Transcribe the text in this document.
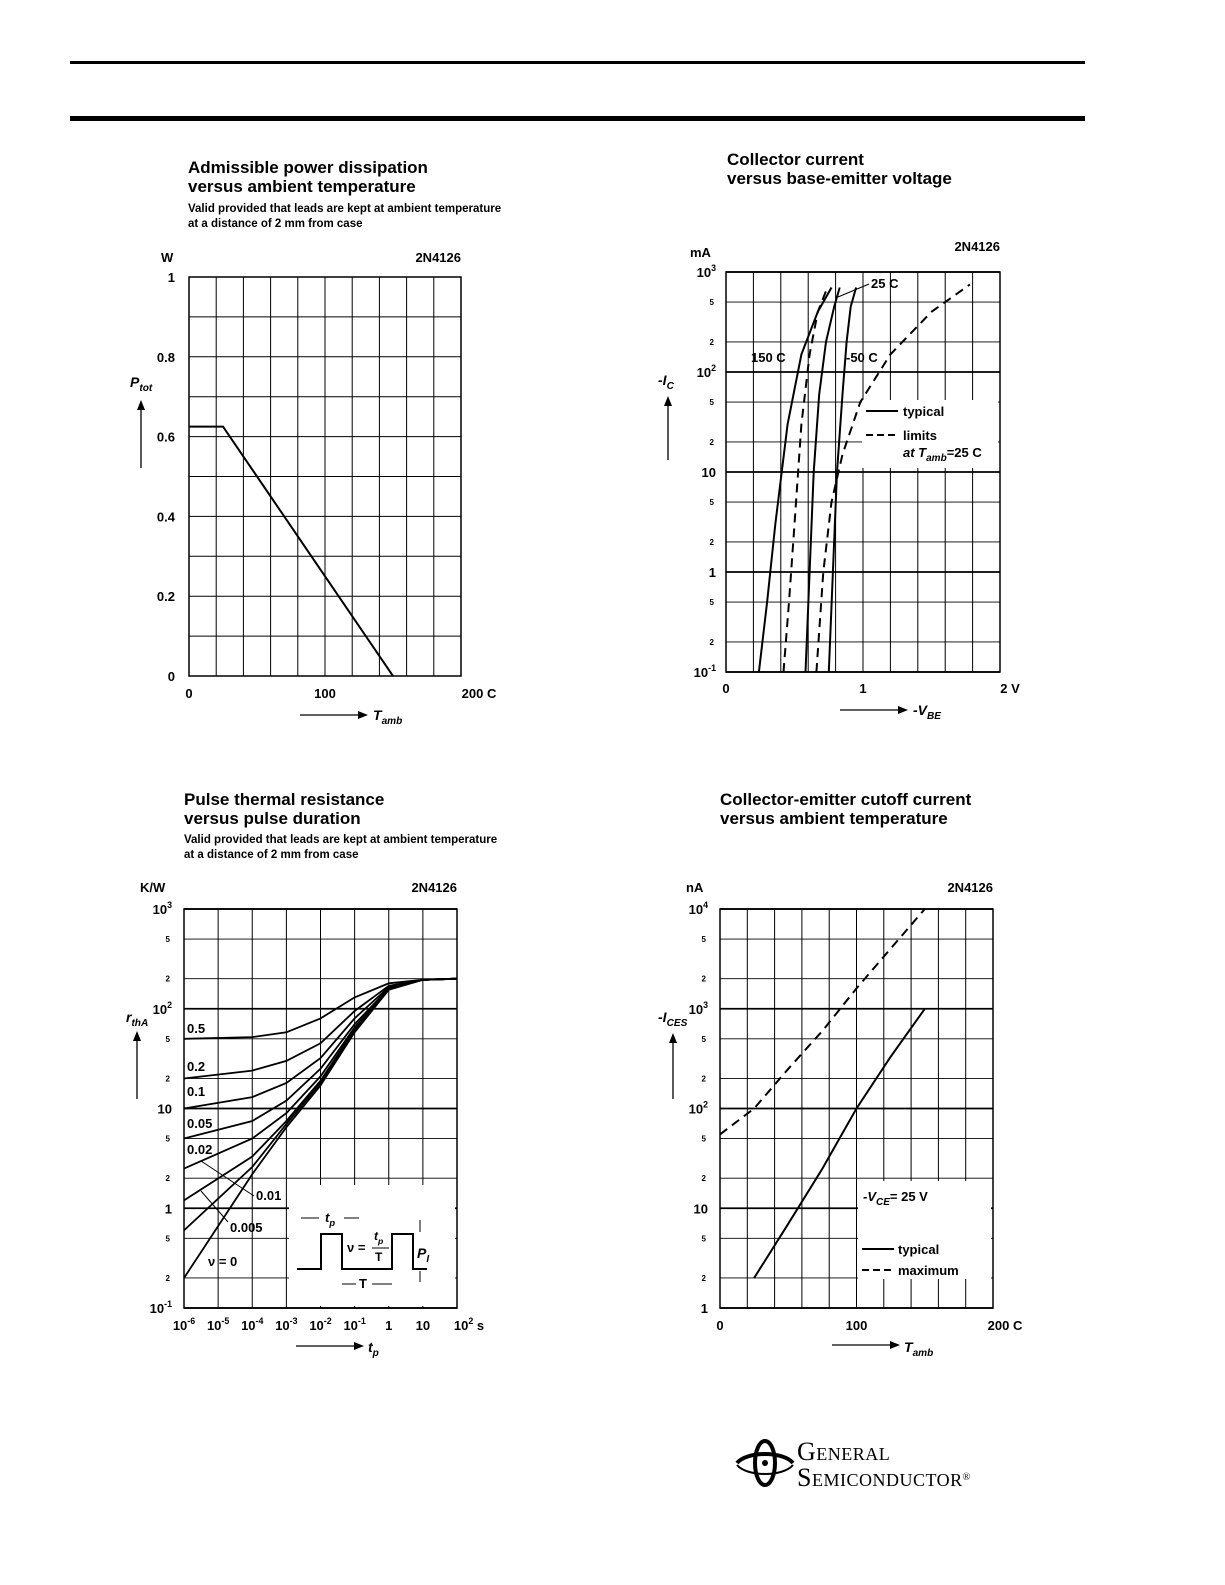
Admissible power dissipation
versus ambient temperature
Valid provided that leads are kept at ambient temperature
at a distance of 2 mm from case
Collector current
versus base-emitter voltage
Pulse thermal resistance
versus pulse duration
Valid provided that leads are kept at ambient temperature
at a distance of 2 mm from case
Collector-emitter cutoff current
versus ambient temperature
0
0.2
0.4
0.6
0.8
1
0	100	200 C
W	2N4126
$P_{tot}$
$T_{amb}$
$10^{-1}$
1
10
$10^2$
$10^3$
2
5
2
5
2
5
2
5
0	1	2 V
mA	2N4126
150 C
25 C
-50 C
typical
limits
at $T_{amb}=25$ C
$-I_C$
$-V_{BE}$
$10^{-1}$
1
10
$10^2$
$10^3$
2
5
2
5
2
5
2
5
$10^{-6}$ $10^{-5}$ $10^{-4}$ $10^{-3}$ $10^{-2}$ $10^{-1}$ 1 10 $10^2$ s
K/W	2N4126
0.5
0.2
0.1
0.05
0.02
0.01
0.005
ν = 0
$t_p$
ν =
$t_p$
T
T
$P_I$
$r_{thA}$
$t_p$
1
10
$10^2$
$10^3$
$10^4$
2
5
2
5
2
5
2
5
0	100	200 C
nA	2N4126
$-V_{CE}= 25$ V
typical
maximum
$-I_{CES}$
$T_{amb}$
General
Semiconductor®
